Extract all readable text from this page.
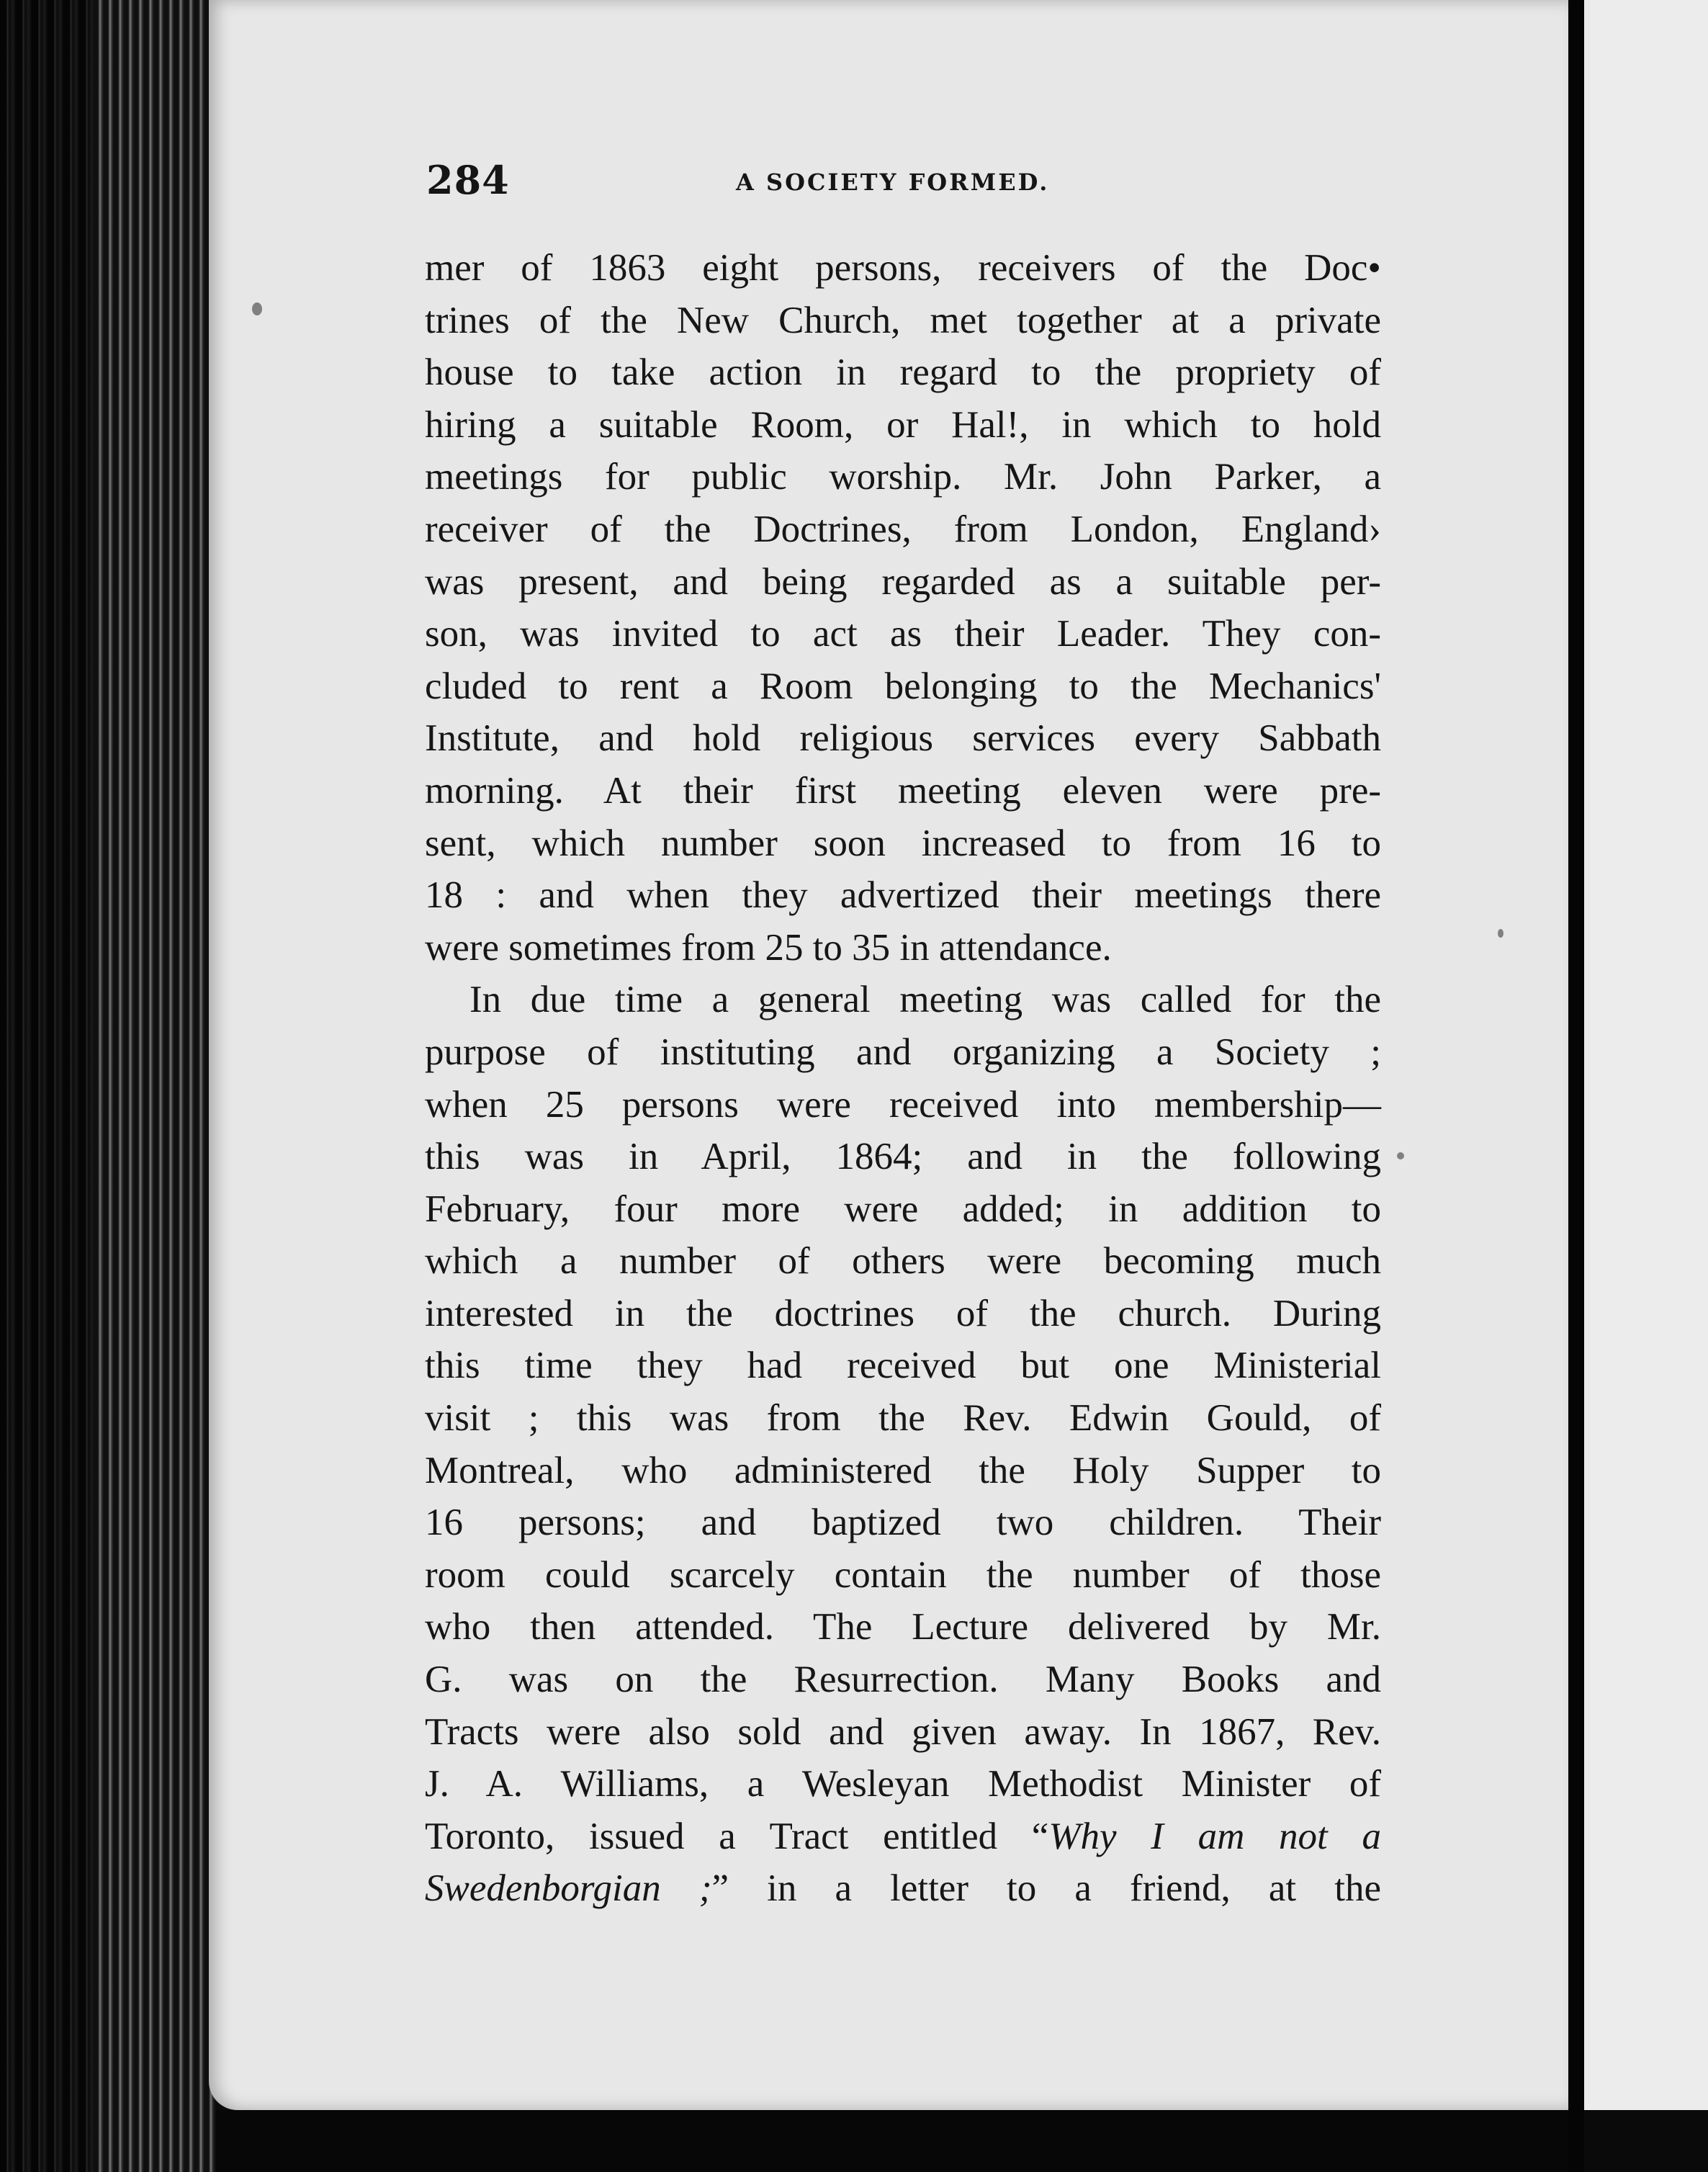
284	A SOCIETY FORMED.
mer of 1863 eight persons, receivers of the Doc•
trines of the New Church, met together at a private
house to take action in regard to the propriety of
hiring a suitable Room, or Hal!, in which to hold
meetings for public worship. Mr. John Parker, a
receiver of the Doctrines, from London, England›
was present, and being regarded as a suitable per-
son, was invited to act as their Leader. They con-
cluded to rent a Room belonging to the Mechanics'
Institute, and hold religious services every Sabbath
morning. At their first meeting eleven were pre-
sent, which number soon increased to from 16 to
18 : and when they advertized their meetings there
were sometimes from 25 to 35 in attendance.
In due time a general meeting was called for the
purpose of instituting and organizing a Society ;
when 25 persons were received into membership—
this was in April, 1864; and in the following
February, four more were added; in addition to
which a number of others were becoming much
interested in the doctrines of the church. During
this time they had received but one Ministerial
visit ; this was from the Rev. Edwin Gould, of
Montreal, who administered the Holy Supper to
16 persons; and baptized two children. Their
room could scarcely contain the number of those
who then attended. The Lecture delivered by Mr.
G. was on the Resurrection. Many Books and
Tracts were also sold and given away. In 1867, Rev.
J. A. Williams, a Wesleyan Methodist Minister of
Toronto, issued a Tract entitled “Why I am not a
Swedenborgian ;” in a letter to a friend, at the
